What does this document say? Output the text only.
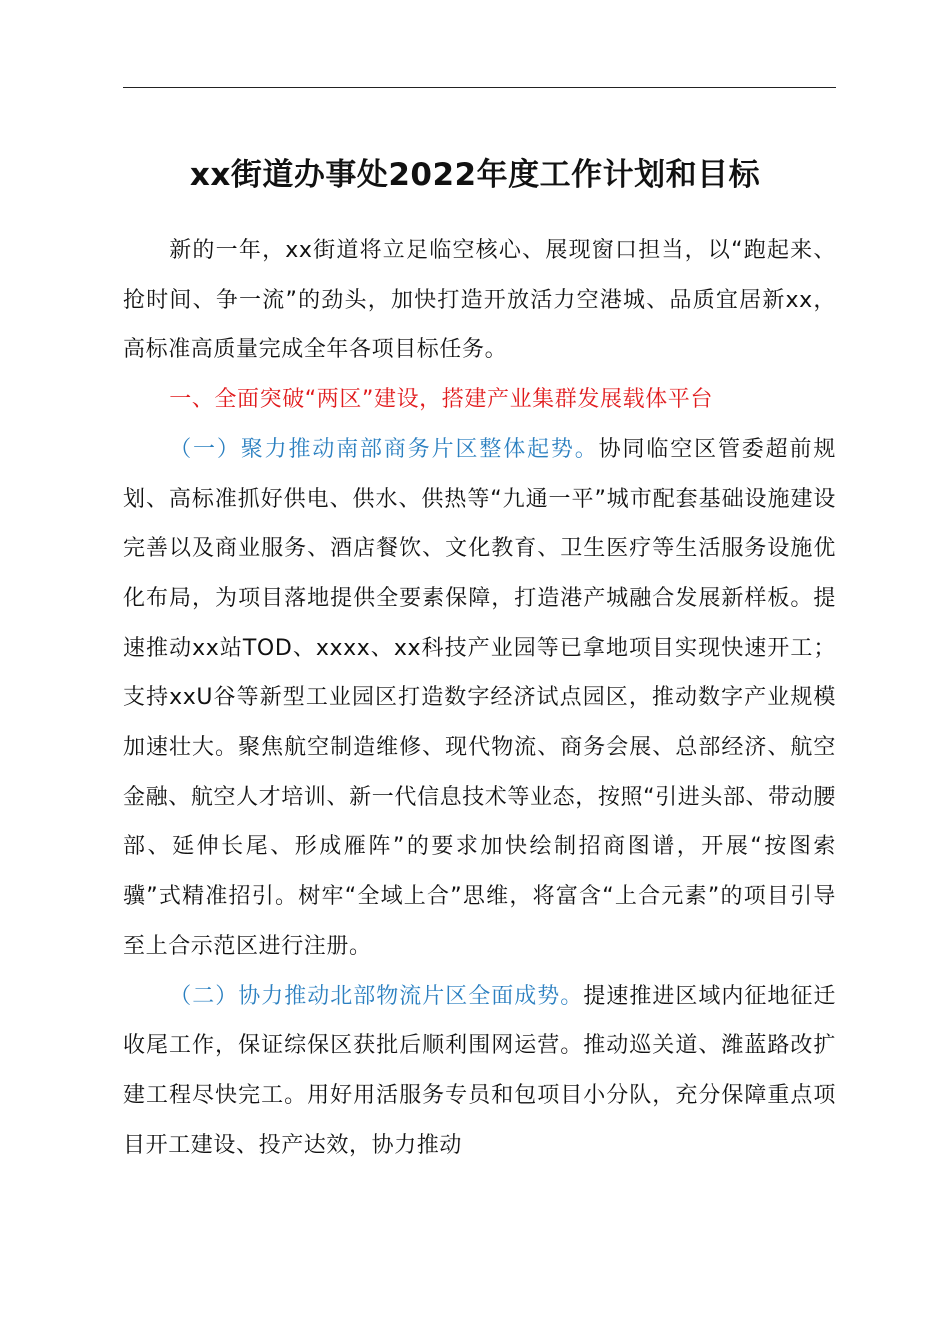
xx街道办事处2022年度工作计划和目标

新的一年，xx街道将立足临空核心、展现窗口担当，以“跑起来、抢时间、争一流”的劲头，加快打造开放活力空港城、品质宜居新xx，高标准高质量完成全年各项目标任务。

一、全面突破“两区”建设，搭建产业集群发展载体平台

（一）聚力推动南部商务片区整体起势。协同临空区管委超前规划、高标准抓好供电、供水、供热等“九通一平”城市配套基础设施建设完善以及商业服务、酒店餐饮、文化教育、卫生医疗等生活服务设施优化布局，为项目落地提供全要素保障，打造港产城融合发展新样板。提速推动xx站TOD、xxxx、xx科技产业园等已拿地项目实现快速开工；支持xxU谷等新型工业园区打造数字经济试点园区，推动数字产业规模加速壮大。聚焦航空制造维修、现代物流、商务会展、总部经济、航空金融、航空人才培训、新一代信息技术等业态，按照“引进头部、带动腰部、延伸长尾、形成雁阵”的要求加快绘制招商图谱，开展“按图索骥”式精准招引。树牢“全域上合”思维，将富含“上合元素”的项目引导至上合示范区进行注册。

（二）协力推动北部物流片区全面成势。提速推进区域内征地征迁收尾工作，保证综保区获批后顺利围网运营。推动巡关道、潍蓝路改扩建工程尽快完工。用好用活服务专员和包项目小分队，充分保障重点项目开工建设、投产达效，协力推动
